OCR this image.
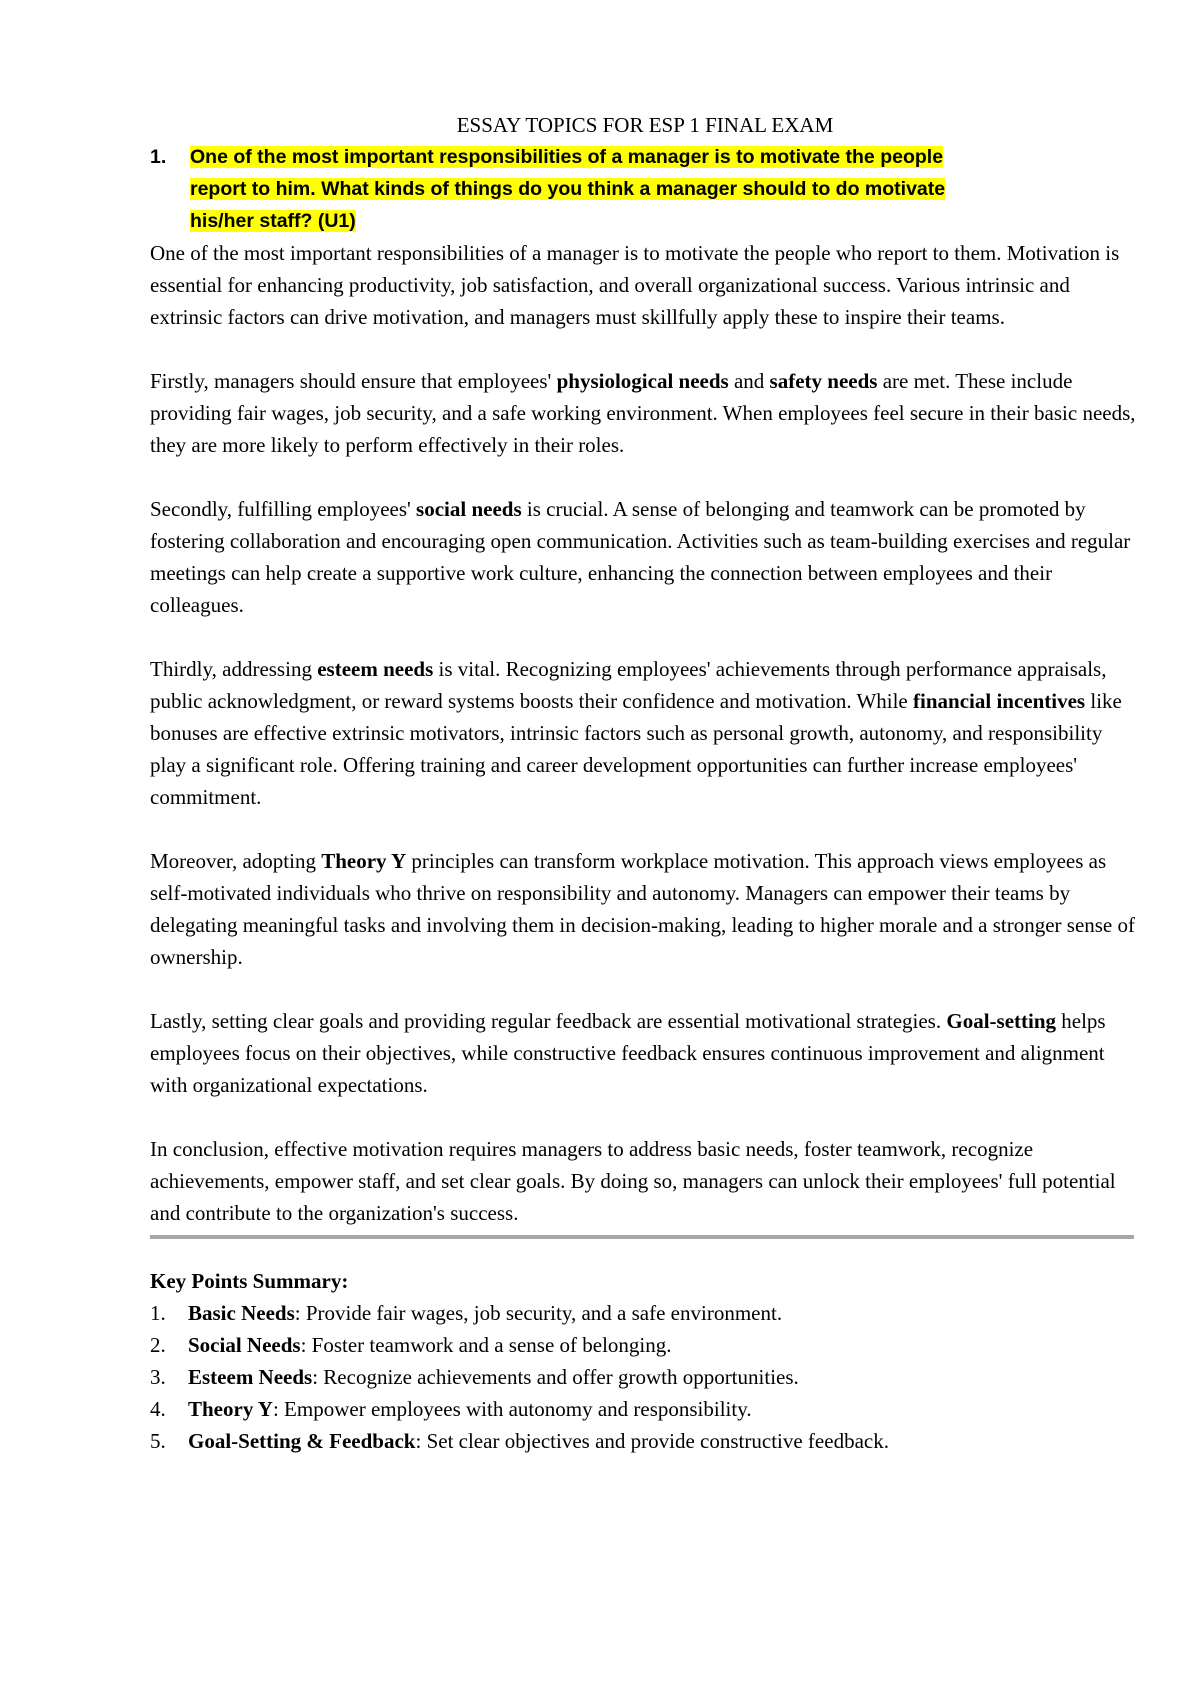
ESSAY TOPICS FOR ESP 1 FINAL EXAM
1. One of the most important responsibilities of a manager is to motivate the people
report to him. What kinds of things do you think a manager should to do motivate
his/her staff? (U1)

One of the most important responsibilities of a manager is to motivate the people who report to them. Motivation is essential for enhancing productivity, job satisfaction, and overall organizational success. Various intrinsic and extrinsic factors can drive motivation, and managers must skillfully apply these to inspire their teams.

Firstly, managers should ensure that employees' physiological needs and safety needs are met. These include providing fair wages, job security, and a safe working environment. When employees feel secure in their basic needs, they are more likely to perform effectively in their roles.

Secondly, fulfilling employees' social needs is crucial. A sense of belonging and teamwork can be promoted by fostering collaboration and encouraging open communication. Activities such as team-building exercises and regular meetings can help create a supportive work culture, enhancing the connection between employees and their colleagues.

Thirdly, addressing esteem needs is vital. Recognizing employees' achievements through performance appraisals, public acknowledgment, or reward systems boosts their confidence and motivation. While financial incentives like bonuses are effective extrinsic motivators, intrinsic factors such as personal growth, autonomy, and responsibility play a significant role. Offering training and career development opportunities can further increase employees' commitment.

Moreover, adopting Theory Y principles can transform workplace motivation. This approach views employees as self-motivated individuals who thrive on responsibility and autonomy. Managers can empower their teams by delegating meaningful tasks and involving them in decision-making, leading to higher morale and a stronger sense of ownership.

Lastly, setting clear goals and providing regular feedback are essential motivational strategies. Goal-setting helps employees focus on their objectives, while constructive feedback ensures continuous improvement and alignment with organizational expectations.

In conclusion, effective motivation requires managers to address basic needs, foster teamwork, recognize achievements, empower staff, and set clear goals. By doing so, managers can unlock their employees' full potential and contribute to the organization's success.

Key Points Summary:
1. Basic Needs: Provide fair wages, job security, and a safe environment.
2. Social Needs: Foster teamwork and a sense of belonging.
3. Esteem Needs: Recognize achievements and offer growth opportunities.
4. Theory Y: Empower employees with autonomy and responsibility.
5. Goal-Setting & Feedback: Set clear objectives and provide constructive feedback.
